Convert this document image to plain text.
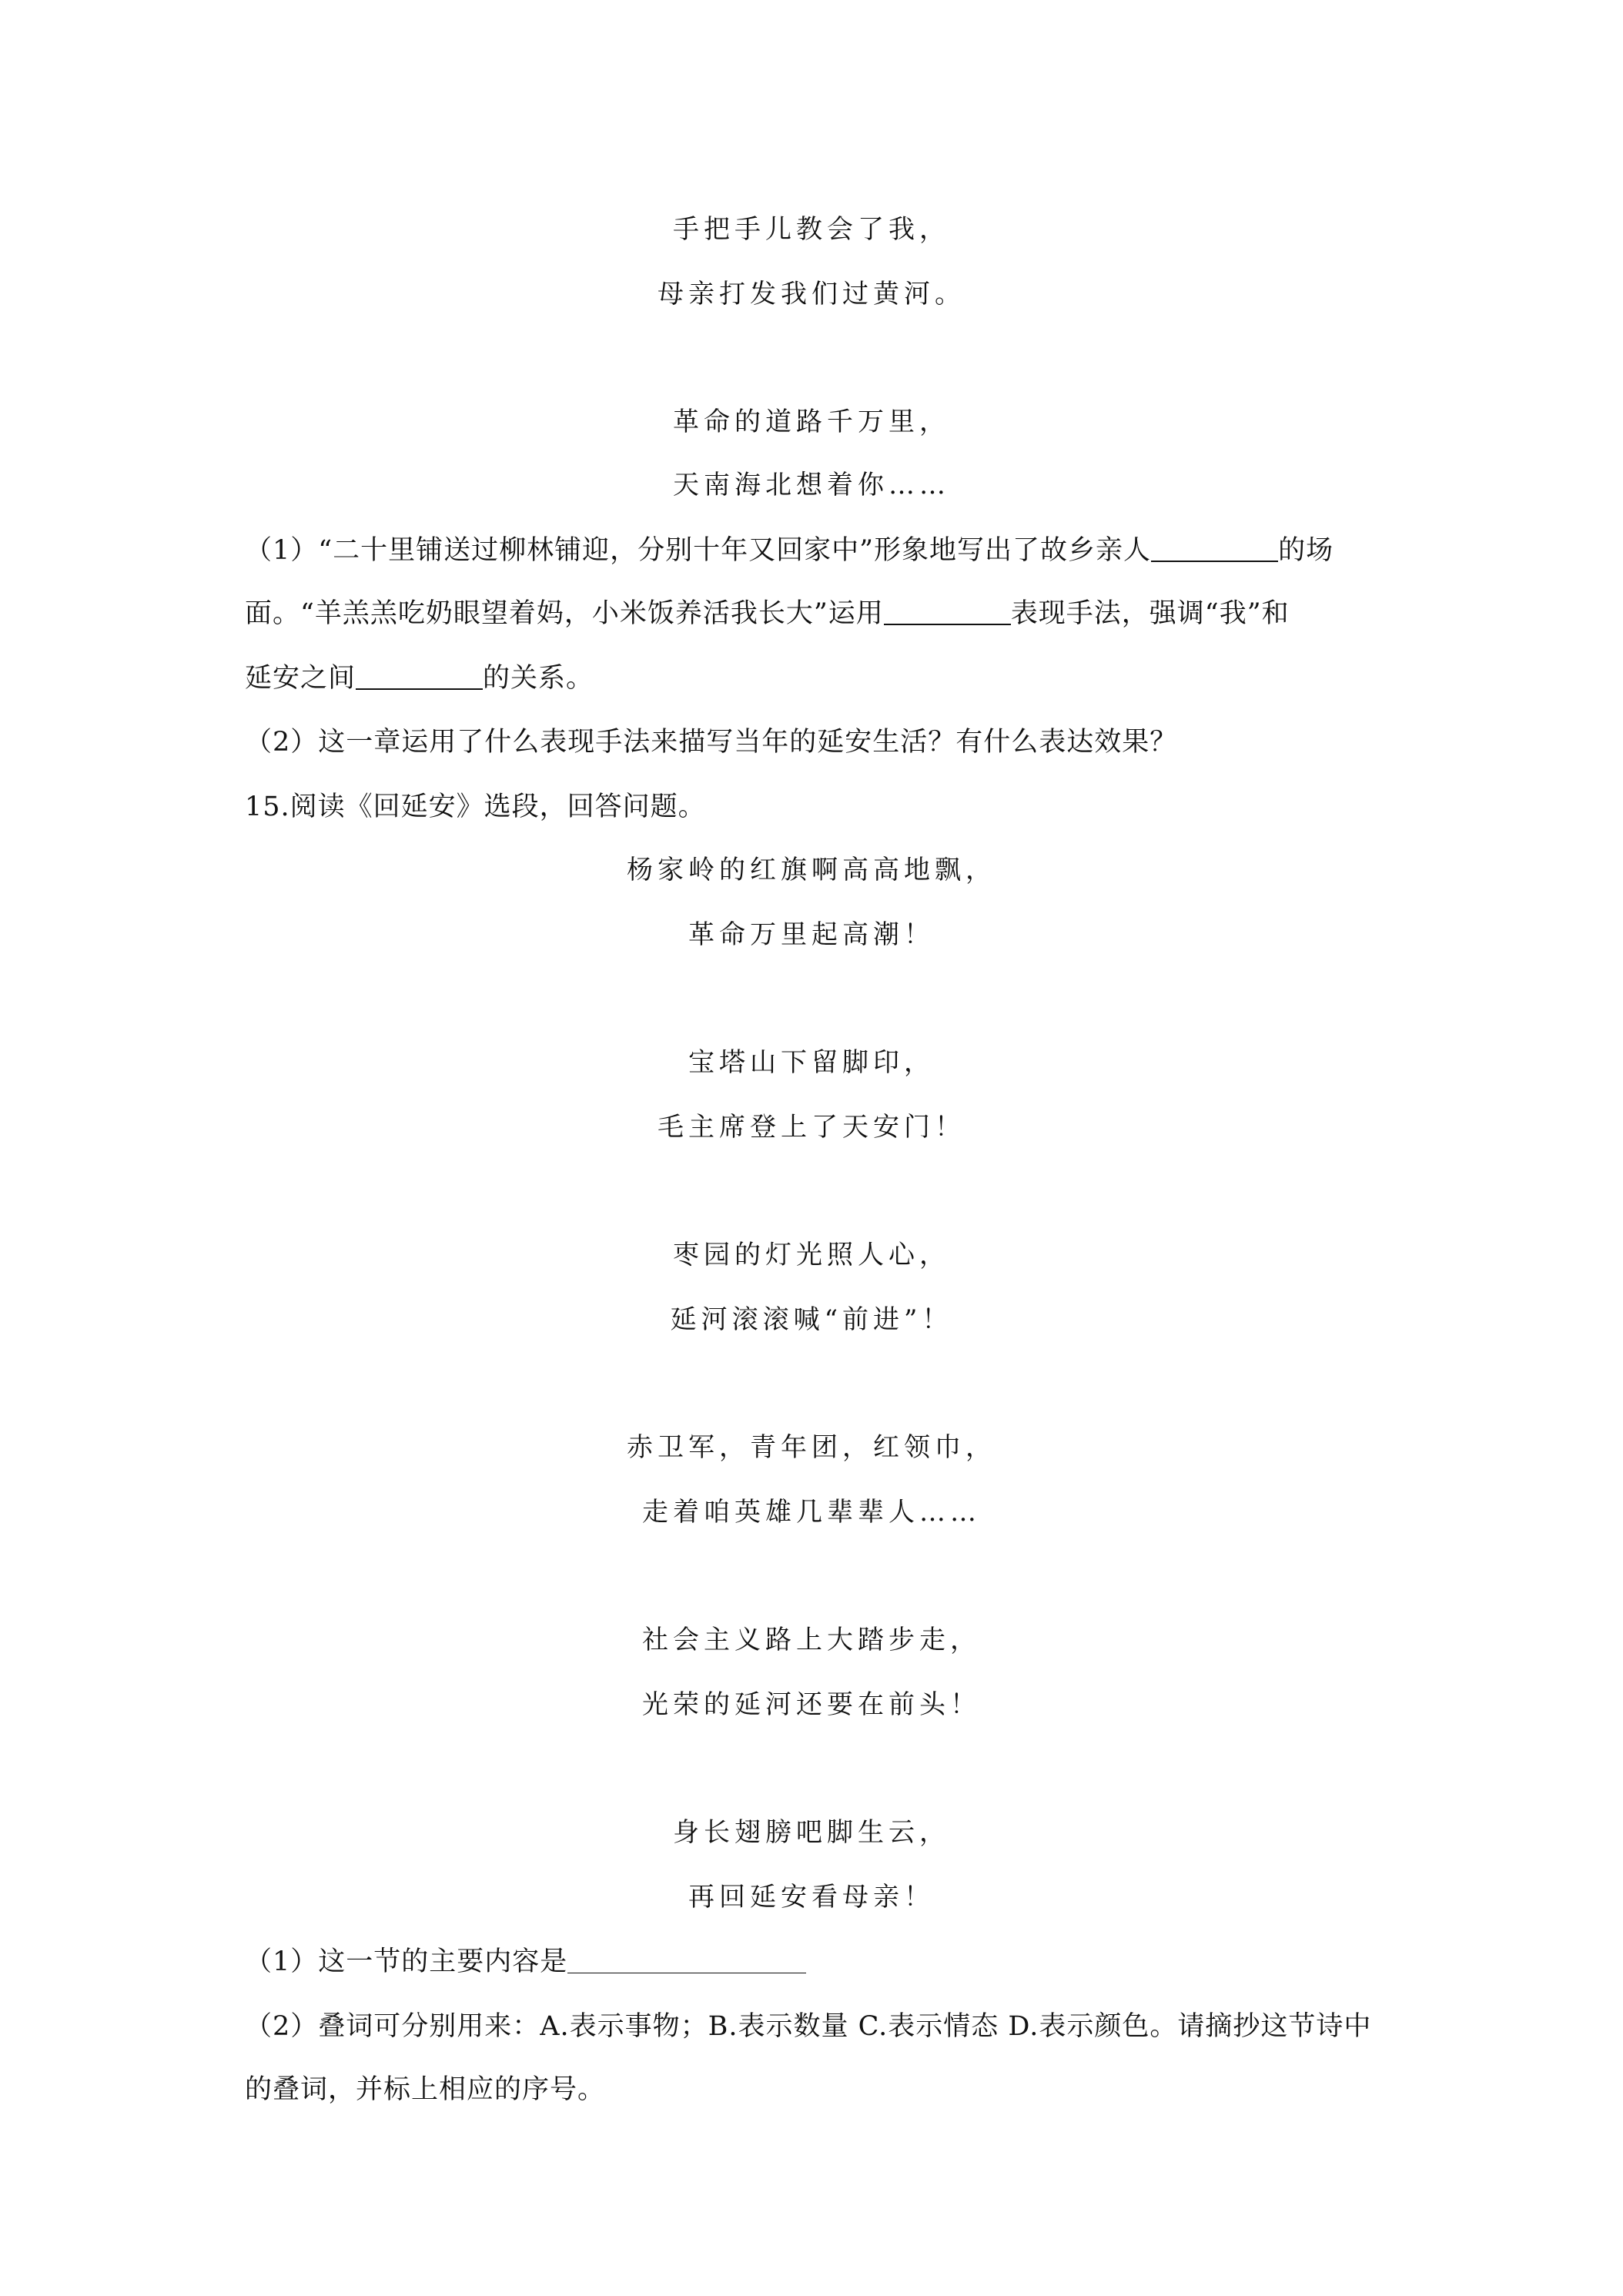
手把手儿教会了我，
母亲打发我们过黄河。
革命的道路千万里，
天南海北想着你……
（1）“二十里铺送过柳林铺迎，分别十年又回家中”形象地写出了故乡亲人	的场
面。“羊羔羔吃奶眼望着妈，小米饭养活我长大”运用	表现手法，强调“我”和
延安之间	的关系。
（2）这一章运用了什么表现手法来描写当年的延安生活？有什么表达效果？
15.阅读《回延安》选段，回答问题。
杨家岭的红旗啊高高地飘，
革命万里起高潮！
宝塔山下留脚印，
毛主席登上了天安门！
枣园的灯光照人心，
延河滚滚喊“前进”！
赤卫军，青年团，红领巾，
走着咱英雄几辈辈人……
社会主义路上大踏步走，
光荣的延河还要在前头！
身长翅膀吧脚生云，
再回延安看母亲！
（1）这一节的主要内容是
（2）叠词可分别用来：A.表示事物；B.表示数量 C.表示情态 D.表示颜色。请摘抄这节诗中
的叠词，并标上相应的序号。
